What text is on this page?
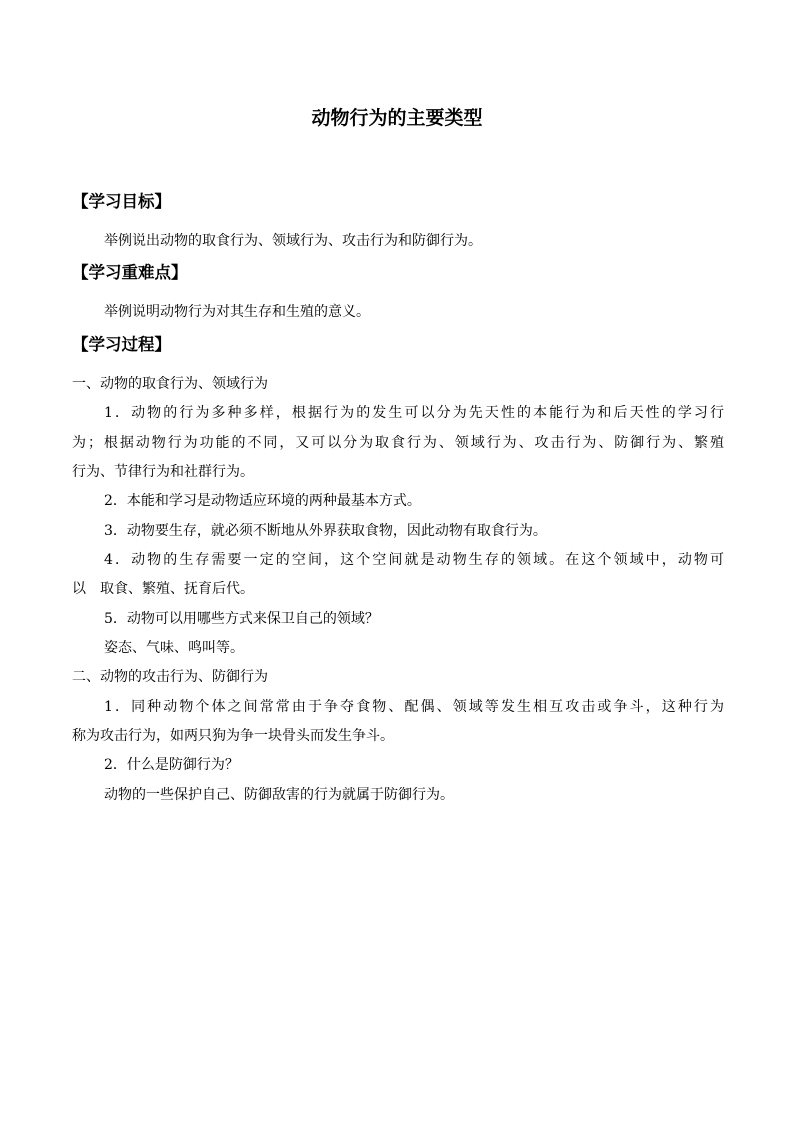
动物行为的主要类型
【学习目标】
举例说出动物的取食行为、领域行为、攻击行为和防御行为。
【学习重难点】
举例说明动物行为对其生存和生殖的意义。
【学习过程】
一、动物的取食行为、领域行为
1．动物的行为多种多样，根据行为的发生可以分为先天性的本能行为和后天性的学习行
为；根据动物行为功能的不同，又可以分为取食行为、领域行为、攻击行为、防御行为、繁殖
行为、节律行为和社群行为。
2．本能和学习是动物适应环境的两种最基本方式。
3．动物要生存，就必须不断地从外界获取食物，因此动物有取食行为。
4．动物的生存需要一定的空间，这个空间就是动物生存的领域。在这个领域中，动物可
以　取食、繁殖、抚育后代。
5．动物可以用哪些方式来保卫自己的领域？
姿态、气味、鸣叫等。
二、动物的攻击行为、防御行为
1．同种动物个体之间常常由于争夺食物、配偶、领域等发生相互攻击或争斗，这种行为
称为攻击行为，如两只狗为争一块骨头而发生争斗。
2．什么是防御行为？
动物的一些保护自己、防御敌害的行为就属于防御行为。
